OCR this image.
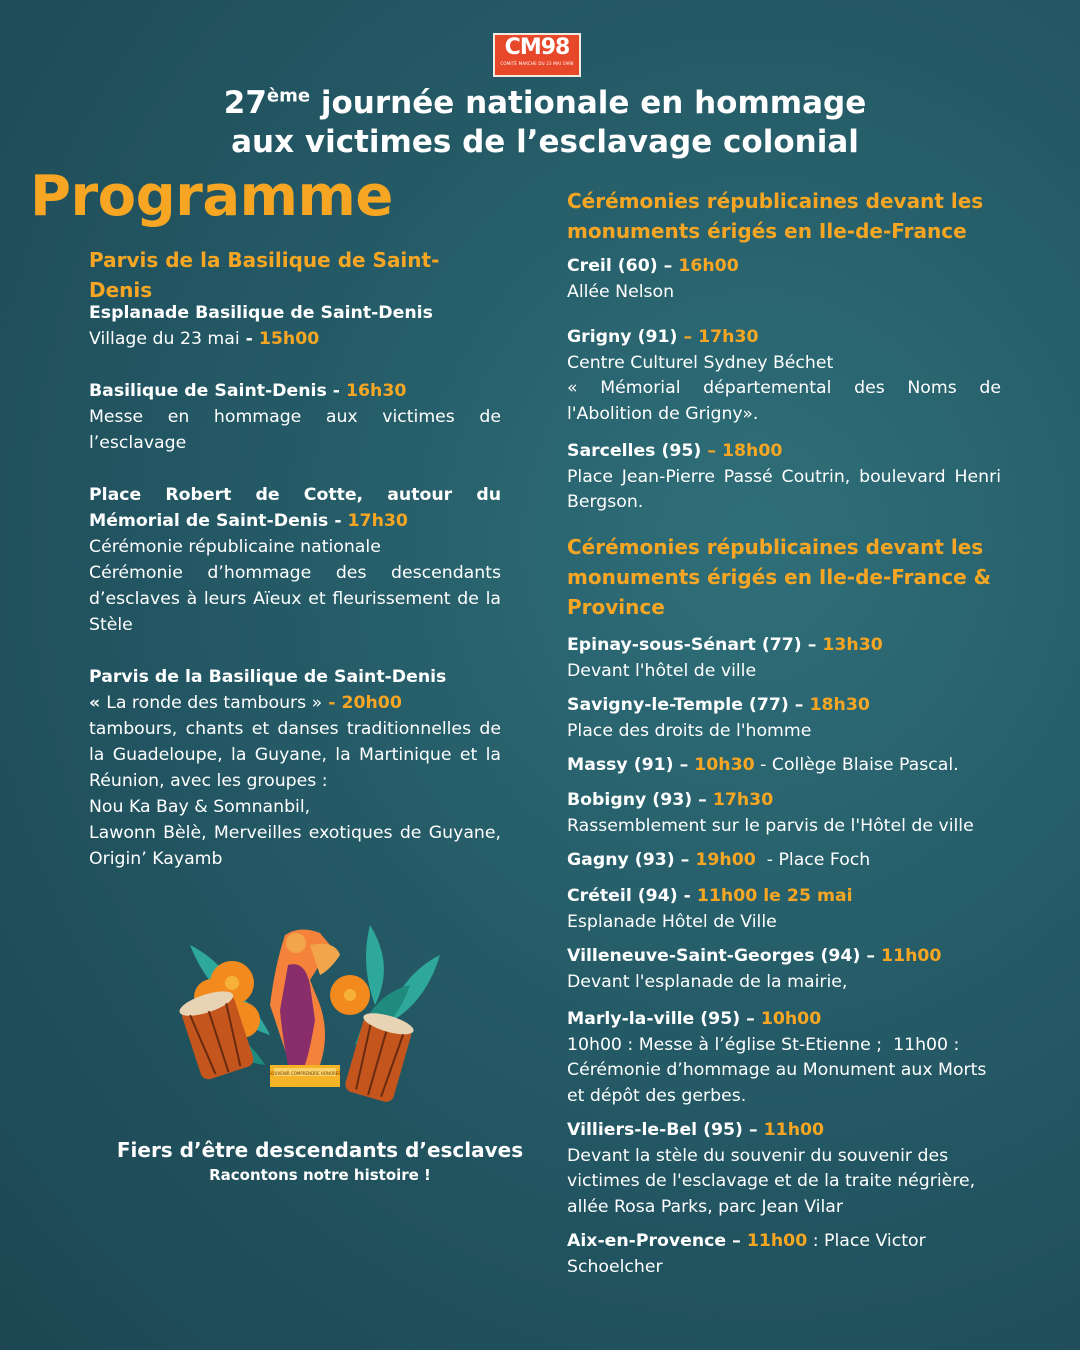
CM98
COMITÉ MARCHE DU 23 MAI 1998
27ème journée nationale en hommage
aux victimes de l’esclavage colonial
Programme
Parvis de la Basilique de Saint-Denis
Esplanade Basilique de Saint-Denis
Village du 23 mai - 15h00
Basilique de Saint-Denis - 16h30
Messe en hommage aux victimes de l’esclavage
Place Robert de Cotte, autour du Mémorial de Saint-Denis - 17h30
Cérémonie républicaine nationale
Cérémonie d’hommage des descendants d’esclaves à leurs Aïeux et fleurissement de la Stèle
Parvis de la Basilique de Saint-Denis
« La ronde des tambours » - 20h00
tambours, chants et danses traditionnelles de la Guadeloupe, la Guyane, la Martinique et la Réunion, avec les groupes :
Nou Ka Bay & Somnanbil,
Lawonn Bèlè, Merveilles exotiques de Guyane, Origin’ Kayamb
SOUVENIR COMPRENDRE HONORER
Fiers d’être descendants d’esclaves
Racontons notre histoire !
Cérémonies républicaines devant les monuments érigés en Ile-de-France
Creil (60) – 16h00
Allée Nelson
Grigny (91) – 17h30
Centre Culturel Sydney Béchet
« Mémorial départemental des Noms de l'Abolition de Grigny».
Sarcelles (95) – 18h00
Place Jean-Pierre Passé Coutrin, boulevard Henri Bergson.
Cérémonies républicaines devant les monuments érigés en Ile-de-France & Province
Epinay-sous-Sénart (77) – 13h30
Devant l'hôtel de ville
Savigny-le-Temple (77) – 18h30
Place des droits de l'homme
Massy (91) – 10h30 - Collège Blaise Pascal.
Bobigny (93) – 17h30
Rassemblement sur le parvis de l'Hôtel de ville
Gagny (93) – 19h00  - Place Foch
Créteil (94) - 11h00 le 25 mai
Esplanade Hôtel de Ville
Villeneuve-Saint-Georges (94) – 11h00
Devant l'esplanade de la mairie,
Marly-la-ville (95) – 10h00
10h00 : Messe à l’église St-Etienne ;  11h00 :
Cérémonie d’hommage au Monument aux Morts
et dépôt des gerbes.
Villiers-le-Bel (95) – 11h00
Devant la stèle du souvenir du souvenir des
victimes de l'esclavage et de la traite négrière,
allée Rosa Parks, parc Jean Vilar
Aix-en-Provence – 11h00 : Place Victor
Schoelcher
